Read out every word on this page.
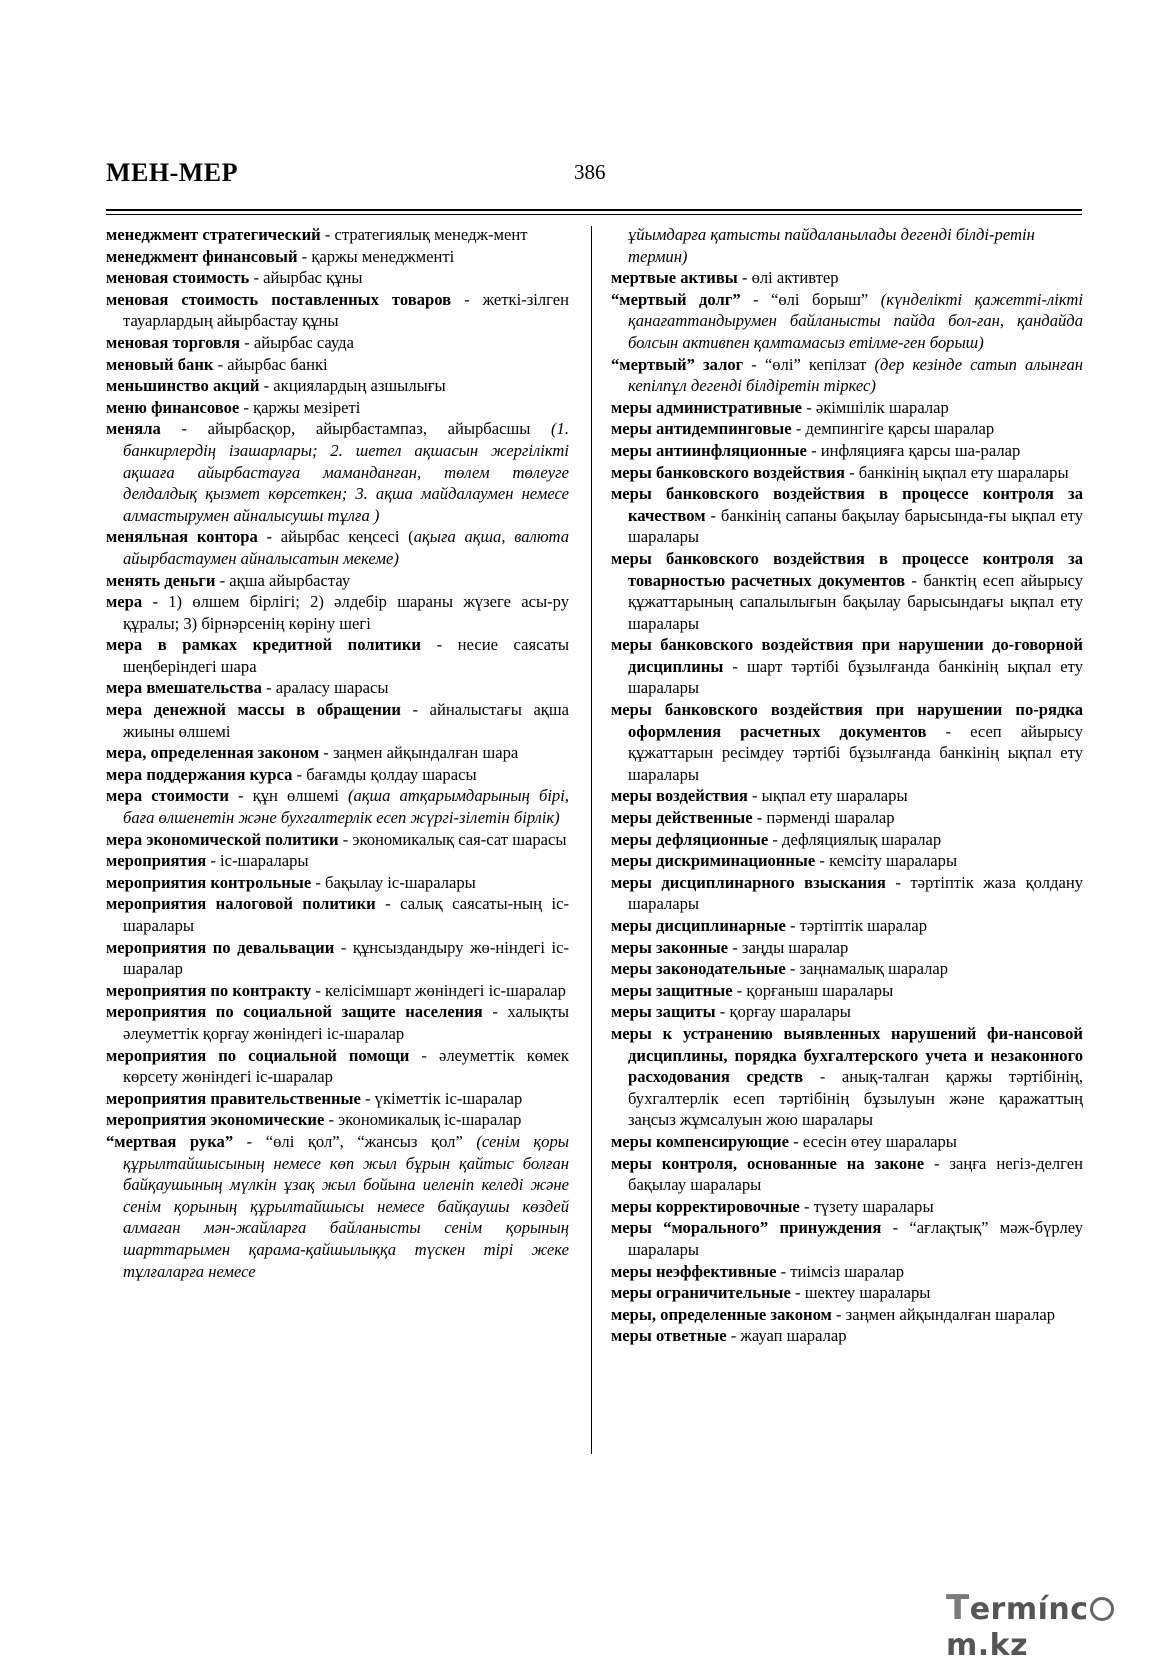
МЕН-МЕР	386
менеджмент стратегический - стратегиялық менедж-мент
менеджмент финансовый - қаржы менеджменті
меновая стоимость - айырбас құны
меновая стоимость поставленных товаров - жеткі-зілген тауарлардың айырбастау құны
меновая торговля - айырбас сауда
меновый банк - айырбас банкі
меньшинство акций - акциялардың азшылығы
меню финансовое - қаржы мезіреті
меняла - айырбасқор, айырбастампаз, айырбасшы (1. банкирлердің ізашарлары; 2. шетел ақшасын жергілікті ақшаға айырбастауға маманданған, төлем төлеуге делдалдық қызмет көрсеткен; 3. ақша майдалаумен немесе алмастырумен айналысушы тұлға )
меняльная контора - айырбас кеңсесі (ақыға ақша, валюта айырбастаумен айналысатын мекеме)
менять деньги - ақша айырбастау
мера - 1) өлшем бірлігі; 2) әлдебір шараны жүзеге асы-ру құралы; 3) бірнәрсенің көріну шегі
мера в рамках кредитной политики - несие саясаты шеңберіндегі шара
мера вмешательства - араласу шарасы
мера денежной массы в обращении - айналыстағы ақша жиыны өлшемі
мера, определенная законом - заңмен айқындалған шара
мера поддержания курса - бағамды қолдау шарасы
мера стоимости - құн өлшемі (ақша атқарымдарының бірі, баға өлшенетін және бухгалтерлік есеп жүргі-зілетін бірлік)
мера экономической политики - экономикалық сая-сат шарасы
мероприятия - іс-шаралары
мероприятия контрольные - бақылау іс-шаралары
мероприятия налоговой политики - салық саясаты-ның іс-шаралары
мероприятия по девальвации - құнсыздандыру жө-ніндегі іс-шаралар
мероприятия по контракту - келісімшарт жөніндегі іс-шаралар
мероприятия по социальной защите населения - халықты әлеуметтік қорғау жөніндегі іс-шаралар
мероприятия по социальной помощи - әлеуметтік көмек көрсету жөніндегі іс-шаралар
мероприятия правительственные - үкіметтік іс-шаралар
мероприятия экономические - экономикалық іс-шаралар
“мертвая рука” - “өлі қол”, “жансыз қол” (сенім қоры құрылтайшысының немесе көп жыл бұрын қайтыс болған байқаушының мүлкін ұзақ жыл бойына иеленіп келеді және сенім қорының құрылтайшысы немесе байқаушы көздей алмаған мән-жайларға байланысты сенім қорының шарттарымен қарама-қайшылыққа түскен тірі жеке тұлғаларға немесе
ұйымдарға қатысты пайдаланылады дегенді білді-ретін термин)
мертвые активы - өлі активтер
“мертвый долг” - “өлі борыш” (күнделікті қажетті-лікті қанағаттандырумен байланысты пайда бол-ған, қандайда болсын активпен қамтамасыз етілме-ген борыш)
“мертвый” залог - “өлі” кепілзат (дер кезінде сатып алынған кепілпұл дегенді білдіретін тіркес)
меры административные - әкімшілік шаралар
меры антидемпинговые - демпингіге қарсы шаралар
меры антиинфляционные - инфляцияға қарсы ша-ралар
меры банковского воздействия - банкінің ықпал ету шаралары
меры банковского воздействия в процессе контроля за качеством - банкінің сапаны бақылау барысында-ғы ықпал ету шаралары
меры банковского воздействия в процессе контроля за товарностью расчетных документов - банктің есеп айырысу құжаттарының сапалылығын бақылау барысындағы ықпал ету шаралары
меры банковского воздействия при нарушении до-говорной дисциплины - шарт тәртібі бұзылғанда банкінің ықпал ету шаралары
меры банковского воздействия при нарушении по-рядка оформления расчетных документов - есеп айырысу құжаттарын ресімдеу тәртібі бұзылғанда банкінің ықпал ету шаралары
меры воздействия - ықпал ету шаралары
меры действенные - пәрменді шаралар
меры дефляционные - дефляциялық шаралар
меры дискриминационные - кемсіту шаралары
меры дисциплинарного взыскания - тәртіптік жаза қолдану шаралары
меры дисциплинарные - тәртіптік шаралар
меры законные - заңды шаралар
меры законодательные - заңнамалық шаралар
меры защитные - қорғаныш шаралары
меры защиты - қорғау шаралары
меры к устранению выявленных нарушений фи-нансовой дисциплины, порядка бухгалтерского учета и незаконного расходования средств - анық-талған қаржы тәртібінің, бухгалтерлік есеп тәртібінің бұзылуын және қаражаттың заңсыз жұмсалуын жою шаралары
меры компенсирующие - есесін өтеу шаралары
меры контроля, основанные на законе - заңға негіз-делген бақылау шаралары
меры корректировочные - түзету шаралары
меры “морального” принуждения - “ағлақтық” мәж-бүрлеу шаралары
меры неэффективные - тиімсіз шаралар
меры ограничительные - шектеу шаралары
меры, определенные законом - заңмен айқындалған шаралар
меры ответные - жауап шаралар
Termíncm.kz
